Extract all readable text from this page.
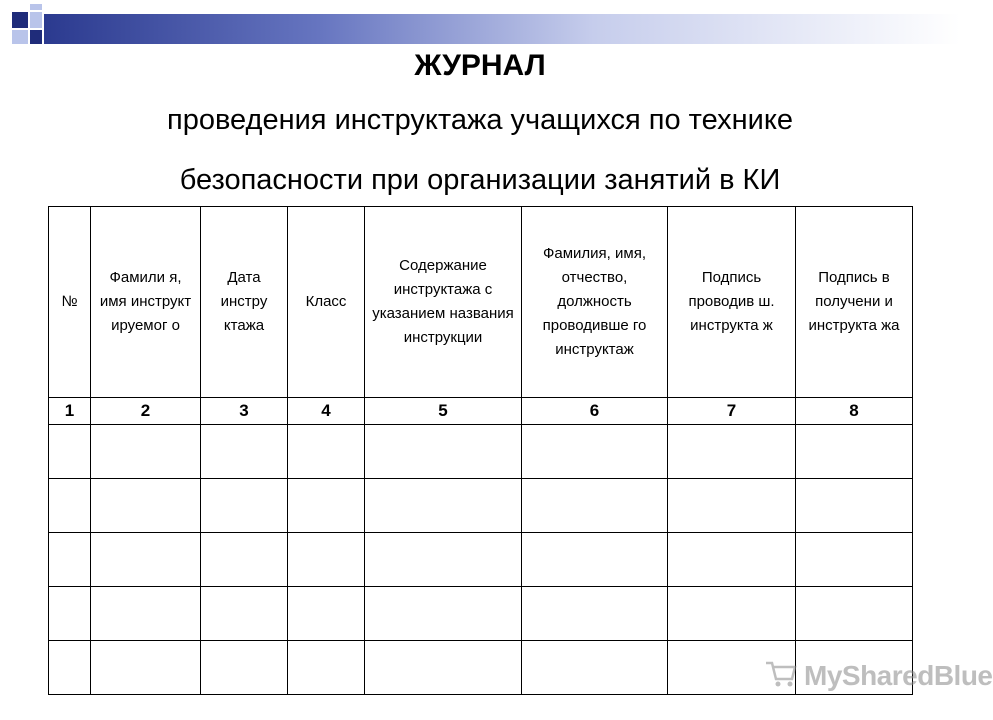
ЖУРНАЛ

проведения инструктажа учащихся по технике

безопасности при организации занятий в КИ

№	Фамили я, имя инструкт ируемог о	Дата инстру ктажа	Класс	Содержание инструктажа с указанием названия инструкции	Фамилия, имя, отчество, должность проводивше го инструктаж	Подпись проводив ш. инструкта ж	Подпись в получени и инструкта жа
1	2	3	4	5	6	7	8

MySharedBlue
